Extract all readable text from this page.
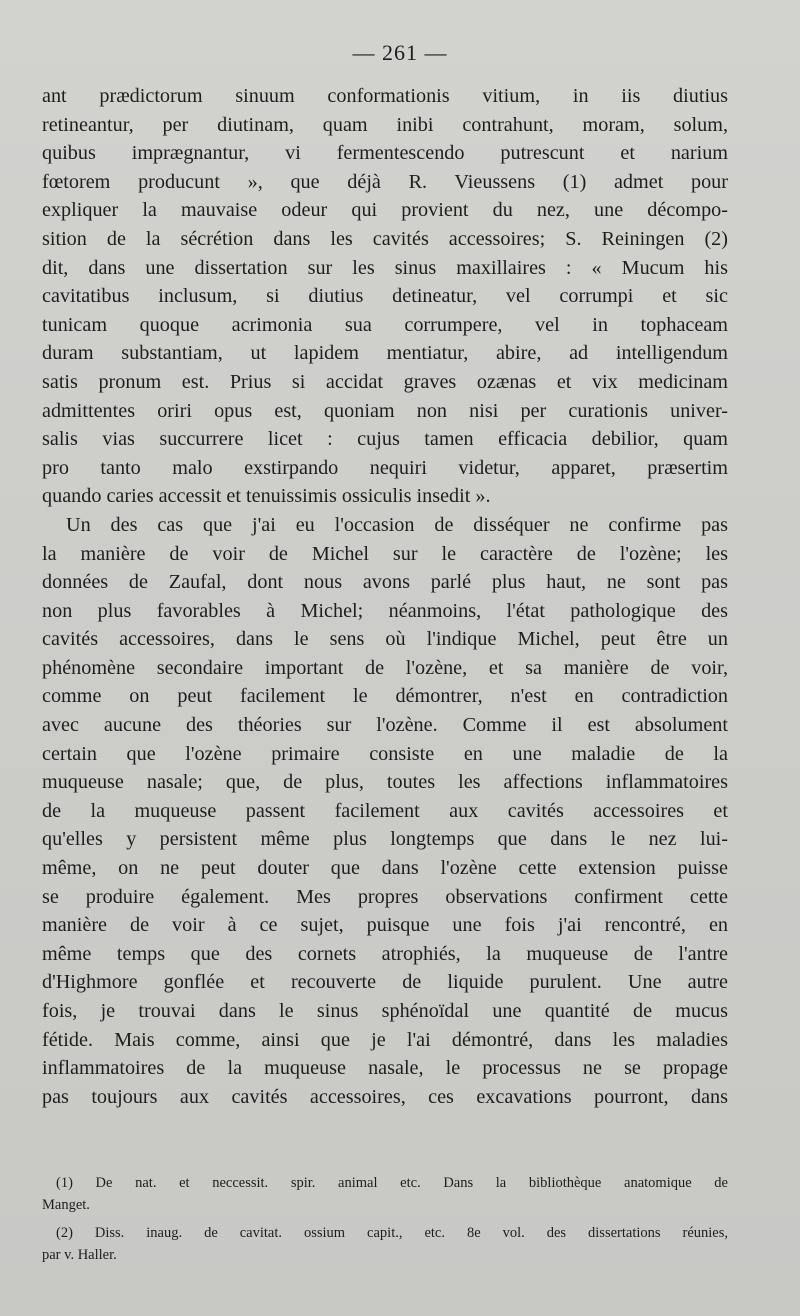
— 261 —
ant prædictorum sinuum conformationis vitium, in iis diutius
retineantur, per diutinam, quam inibi contrahunt, moram, solum,
quibus imprægnantur, vi fermentescendo putrescunt et narium
fœtorem producunt », que déjà R. Vieussens (1) admet pour
expliquer la mauvaise odeur qui provient du nez, une décompo-
sition de la sécrétion dans les cavités accessoires; S. Reiningen (2)
dit, dans une dissertation sur les sinus maxillaires : « Mucum his
cavitatibus inclusum, si diutius detineatur, vel corrumpi et sic
tunicam quoque acrimonia sua corrumpere, vel in tophaceam
duram substantiam, ut lapidem mentiatur, abire, ad intelligendum
satis pronum est. Prius si accidat graves ozænas et vix medicinam
admittentes oriri opus est, quoniam non nisi per curationis univer-
salis vias succurrere licet : cujus tamen efficacia debilior, quam
pro tanto malo exstirpando nequiri videtur, apparet, præsertim
quando caries accessit et tenuissimis ossiculis insedit ».
Un des cas que j'ai eu l'occasion de disséquer ne confirme pas
la manière de voir de Michel sur le caractère de l'ozène; les
données de Zaufal, dont nous avons parlé plus haut, ne sont pas
non plus favorables à Michel; néanmoins, l'état pathologique des
cavités accessoires, dans le sens où l'indique Michel, peut être un
phénomène secondaire important de l'ozène, et sa manière de voir,
comme on peut facilement le démontrer, n'est en contradiction
avec aucune des théories sur l'ozène. Comme il est absolument
certain que l'ozène primaire consiste en une maladie de la
muqueuse nasale; que, de plus, toutes les affections inflammatoires
de la muqueuse passent facilement aux cavités accessoires et
qu'elles y persistent même plus longtemps que dans le nez lui-
même, on ne peut douter que dans l'ozène cette extension puisse
se produire également. Mes propres observations confirment cette
manière de voir à ce sujet, puisque une fois j'ai rencontré, en
même temps que des cornets atrophiés, la muqueuse de l'antre
d'Highmore gonflée et recouverte de liquide purulent. Une autre
fois, je trouvai dans le sinus sphénoïdal une quantité de mucus
fétide. Mais comme, ainsi que je l'ai démontré, dans les maladies
inflammatoires de la muqueuse nasale, le processus ne se propage
pas toujours aux cavités accessoires, ces excavations pourront, dans
(1) De nat. et neccessit. spir. animal etc. Dans la bibliothèque anatomique de
Manget.
(2) Diss. inaug. de cavitat. ossium capit., etc. 8e vol. des dissertations réunies,
par v. Haller.
